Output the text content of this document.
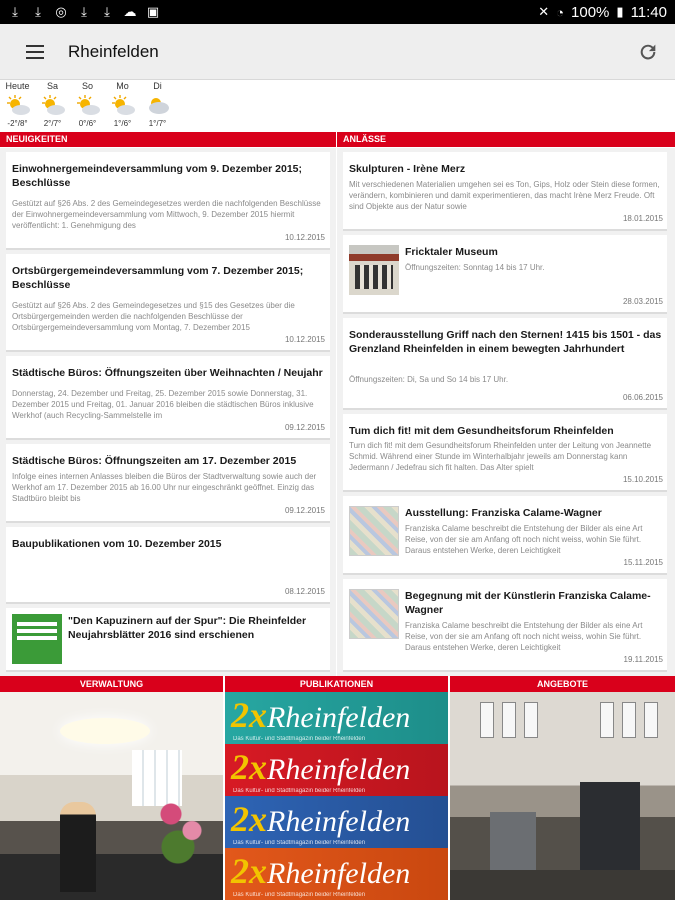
⤓	⤓	◎	⤓	⤓	☁ ▣	✕ ◔ 100% ▮ 11:40
Rheinfelden
Heute
-2°/8°
Sa
2°/7°
So
0°/6°
Mo
1°/6°
Di
1°/7°
NEUIGKEITEN	ANLÄSSE
Einwohnergemeindeversammlung vom 9. Dezember 2015; Beschlüsse
Gestützt auf §26 Abs. 2 des Gemeindegesetzes werden die nachfolgenden Beschlüsse der Einwohnergemeindeversammlung vom Mittwoch, 9. Dezember 2015 hiermit veröffentlicht: 1. Genehmigung des
10.12.2015
Ortsbürgergemeindeversammlung vom 7. Dezember 2015; Beschlüsse
Gestützt auf §26 Abs. 2 des Gemeindegesetzes und §15 des Gesetzes über die Ortsbürgergemeinden werden die nachfolgenden Beschlüsse der Ortsbürgergemeindeversammlung vom Montag, 7. Dezember 2015
10.12.2015
Städtische Büros: Öffnungszeiten über Weihnachten / Neujahr
Donnerstag, 24. Dezember und Freitag, 25. Dezember 2015 sowie Donnerstag, 31. Dezember 2015 und Freitag, 01. Januar 2016 bleiben die städtischen Büros inklusive Werkhof (auch Recycling-Sammelstelle im
09.12.2015
Städtische Büros: Öffnungszeiten am 17. Dezember 2015
Infolge eines internen Anlasses bleiben die Büros der Stadtverwaltung sowie auch der Werkhof am 17. Dezember 2015 ab 16.00 Uhr nur eingeschränkt geöffnet. Einzig das Stadtbüro bleibt bis
09.12.2015
Baupublikationen vom 10. Dezember 2015
08.12.2015
"Den Kapuzinern auf der Spur": Die Rheinfelder Neujahrsblätter 2016 sind erschienen
Skulpturen - Irène Merz
Mit verschiedenen Materialien umgehen sei es Ton, Gips, Holz oder Stein diese formen, verändern, kombinieren und damit experimentieren, das macht Irène Merz Freude. Oft sind Objekte aus der Natur sowie
18.01.2015
Fricktaler Museum
Öffnungszeiten: Sonntag 14 bis 17 Uhr.
28.03.2015
Sonderausstellung Griff nach den Sternen! 1415 bis 1501 - das Grenzland Rheinfelden in einem bewegten Jahrhundert
Öffnungszeiten: Di, Sa und So 14 bis 17 Uhr.
06.06.2015
Tum dich fit! mit dem Gesundheitsforum Rheinfelden
Turn dich fit! mit dem Gesundheitsforum Rheinfelden unter der Leitung von Jeannette Schmid. Während einer Stunde im Winterhalbjahr jeweils am Donnerstag kann Jedermann / Jedefrau sich fit halten. Das Alter spielt
15.10.2015
Ausstellung: Franziska Calame-Wagner
Franziska Calame beschreibt die Entstehung der Bilder als eine Art Reise, von der sie am Anfang oft noch nicht weiss, wohin Sie führt. Daraus entstehen Werke, deren Leichtigkeit
15.11.2015
Begegnung mit der Künstlerin Franziska Calame-Wagner
Franziska Calame beschreibt die Entstehung der Bilder als eine Art Reise, von der sie am Anfang oft noch nicht weiss, wohin Sie führt. Daraus entstehen Werke, deren Leichtigkeit
19.11.2015
VERWALTUNG	PUBLIKATIONEN
2xRheinfelden
Das Kultur- und Stadtmagazin beider Rheinfelden
2xRheinfelden
Das Kultur- und Stadtmagazin beider Rheinfelden
2xRheinfelden
Das Kultur- und Stadtmagazin beider Rheinfelden
2xRheinfelden
Das Kultur- und Stadtmagazin beider Rheinfelden
ANGEBOTE
